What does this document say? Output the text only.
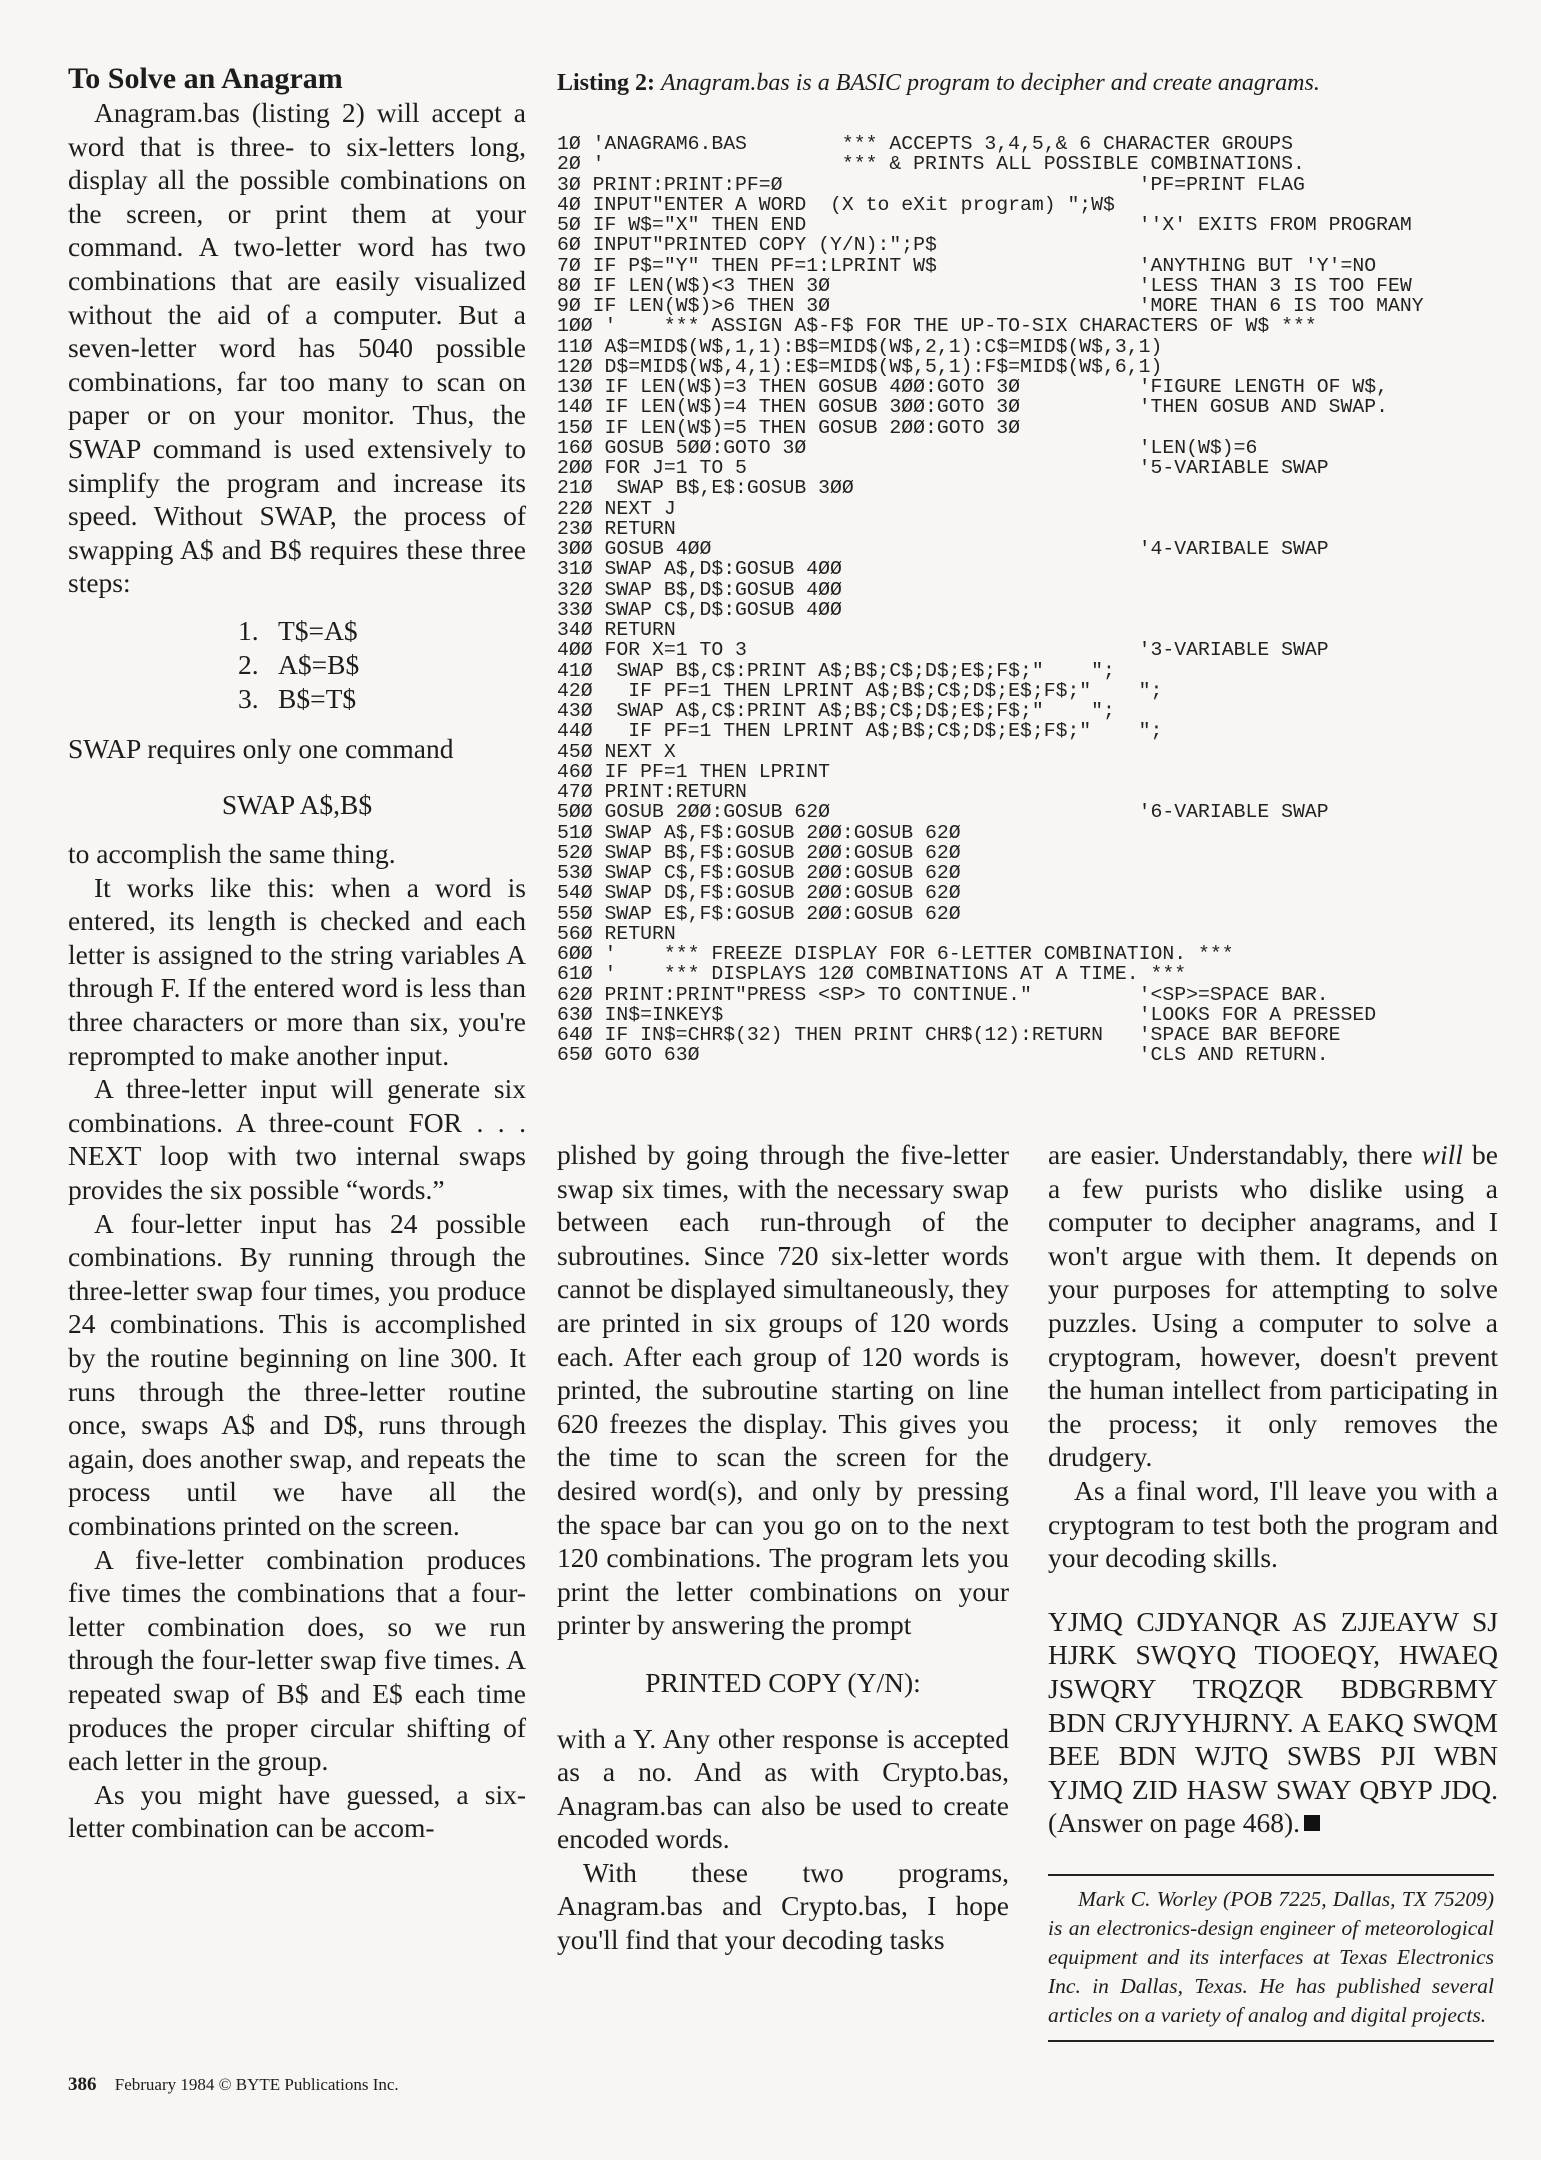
To Solve an Anagram

Anagram.bas (listing 2) will accept a word that is three- to six-letters long, display all the possible combinations on the screen, or print them at your command. A two-letter word has two combinations that are easily visualized without the aid of a computer. But a seven-letter word has 5040 possible combinations, far too many to scan on paper or on your monitor. Thus, the SWAP command is used extensively to simplify the program and increase its speed. Without SWAP, the process of swapping A$ and B$ requires these three steps:

1. T$=A$
2. A$=B$
3. B$=T$

SWAP requires only one command

SWAP A$,B$

to accomplish the same thing.

It works like this: when a word is entered, its length is checked and each letter is assigned to the string variables A through F. If the entered word is less than three characters or more than six, you're reprompted to make another input.

A three-letter input will generate six combinations. A three-count FOR . . . NEXT loop with two internal swaps provides the six possible “words.”

A four-letter input has 24 possible combinations. By running through the three-letter swap four times, you produce 24 combinations. This is accomplished by the routine beginning on line 300. It runs through the three-letter routine once, swaps A$ and D$, runs through again, does another swap, and repeats the process until we have all the combinations printed on the screen.

A five-letter combination produces five times the combinations that a four-letter combination does, so we run through the four-letter swap five times. A repeated swap of B$ and E$ each time produces the proper circular shifting of each letter in the group.

As you might have guessed, a six-letter combination can be accom-

Listing 2: Anagram.bas is a BASIC program to decipher and create anagrams.
1Ø 'ANAGRAM6.BAS        *** ACCEPTS 3,4,5,& 6 CHARACTER GROUPS
2Ø '                    *** & PRINTS ALL POSSIBLE COMBINATIONS.
3Ø PRINT:PRINT:PF=Ø	'PF=PRINT FLAG
4Ø INPUT"ENTER A WORD  (X to eXit program) ";W$
5Ø IF W$="X" THEN END	''X' EXITS FROM PROGRAM
6Ø INPUT"PRINTED COPY (Y/N):";P$
7Ø IF P$="Y" THEN PF=1:LPRINT W$	'ANYTHING BUT 'Y'=NO
8Ø IF LEN(W$)<3 THEN 3Ø	'LESS THAN 3 IS TOO FEW
9Ø IF LEN(W$)>6 THEN 3Ø	'MORE THAN 6 IS TOO MANY
1ØØ '    *** ASSIGN A$-F$ FOR THE UP-TO-SIX CHARACTERS OF W$ ***
11Ø A$=MID$(W$,1,1):B$=MID$(W$,2,1):C$=MID$(W$,3,1)
12Ø D$=MID$(W$,4,1):E$=MID$(W$,5,1):F$=MID$(W$,6,1)
13Ø IF LEN(W$)=3 THEN GOSUB 4ØØ:GOTO 3Ø	'FIGURE LENGTH OF W$,
14Ø IF LEN(W$)=4 THEN GOSUB 3ØØ:GOTO 3Ø	'THEN GOSUB AND SWAP.
15Ø IF LEN(W$)=5 THEN GOSUB 2ØØ:GOTO 3Ø
16Ø GOSUB 5ØØ:GOTO 3Ø	'LEN(W$)=6
2ØØ FOR J=1 TO 5	'5-VARIABLE SWAP
21Ø  SWAP B$,E$:GOSUB 3ØØ
22Ø NEXT J
23Ø RETURN
3ØØ GOSUB 4ØØ	'4-VARIBALE SWAP
31Ø SWAP A$,D$:GOSUB 4ØØ
32Ø SWAP B$,D$:GOSUB 4ØØ
33Ø SWAP C$,D$:GOSUB 4ØØ
34Ø RETURN
4ØØ FOR X=1 TO 3	'3-VARIABLE SWAP
41Ø  SWAP B$,C$:PRINT A$;B$;C$;D$;E$;F$;"    ";
42Ø   IF PF=1 THEN LPRINT A$;B$;C$;D$;E$;F$;"    ";
43Ø  SWAP A$,C$:PRINT A$;B$;C$;D$;E$;F$;"    ";
44Ø   IF PF=1 THEN LPRINT A$;B$;C$;D$;E$;F$;"    ";
45Ø NEXT X
46Ø IF PF=1 THEN LPRINT
47Ø PRINT:RETURN
5ØØ GOSUB 2ØØ:GOSUB 62Ø	'6-VARIABLE SWAP
51Ø SWAP A$,F$:GOSUB 2ØØ:GOSUB 62Ø
52Ø SWAP B$,F$:GOSUB 2ØØ:GOSUB 62Ø
53Ø SWAP C$,F$:GOSUB 2ØØ:GOSUB 62Ø
54Ø SWAP D$,F$:GOSUB 2ØØ:GOSUB 62Ø
55Ø SWAP E$,F$:GOSUB 2ØØ:GOSUB 62Ø
56Ø RETURN
6ØØ '    *** FREEZE DISPLAY FOR 6-LETTER COMBINATION. ***
61Ø '    *** DISPLAYS 12Ø COMBINATIONS AT A TIME. ***
62Ø PRINT:PRINT"PRESS <SP> TO CONTINUE."	'<SP>=SPACE BAR.
63Ø IN$=INKEY$	'LOOKS FOR A PRESSED
64Ø IF IN$=CHR$(32) THEN PRINT CHR$(12):RETURN 'SPACE BAR BEFORE
65Ø GOTO 63Ø	'CLS AND RETURN.

plished by going through the five-letter swap six times, with the necessary swap between each run-through of the subroutines. Since 720 six-letter words cannot be displayed simultaneously, they are printed in six groups of 120 words each. After each group of 120 words is printed, the subroutine starting on line 620 freezes the display. This gives you the time to scan the screen for the desired word(s), and only by pressing the space bar can you go on to the next 120 combinations. The program lets you print the letter combinations on your printer by answering the prompt

PRINTED COPY (Y/N):

with a Y. Any other response is accepted as a no. And as with Crypto.bas, Anagram.bas can also be used to create encoded words.

With these two programs, Anagram.bas and Crypto.bas, I hope you'll find that your decoding tasks

are easier. Understandably, there will be a few purists who dislike using a computer to decipher anagrams, and I won't argue with them. It depends on your purposes for attempting to solve puzzles. Using a computer to solve a cryptogram, however, doesn't prevent the human intellect from participating in the process; it only removes the drudgery.

As a final word, I'll leave you with a cryptogram to test both the program and your decoding skills.

YJMQ CJDYANQR AS ZJJEAYW SJ
HJRK SWQYQ TIOOEQY, HWAEQ
JSWQRY TRQZQR BDBGRBMY
BDN CRJYYHJRNY. A EAKQ SWQM
BEE BDN WJTQ SWBS PJI WBN
YJMQ ZID HASW SWAY QBYP JDQ.
(Answer on page 468).
Mark C. Worley (POB 7225, Dallas, TX 75209) is an electronics-design engineer of meteorological equipment and its interfaces at Texas Electronics Inc. in Dallas, Texas. He has published several articles on a variety of analog and digital projects.
386 February 1984 © BYTE Publications Inc.
